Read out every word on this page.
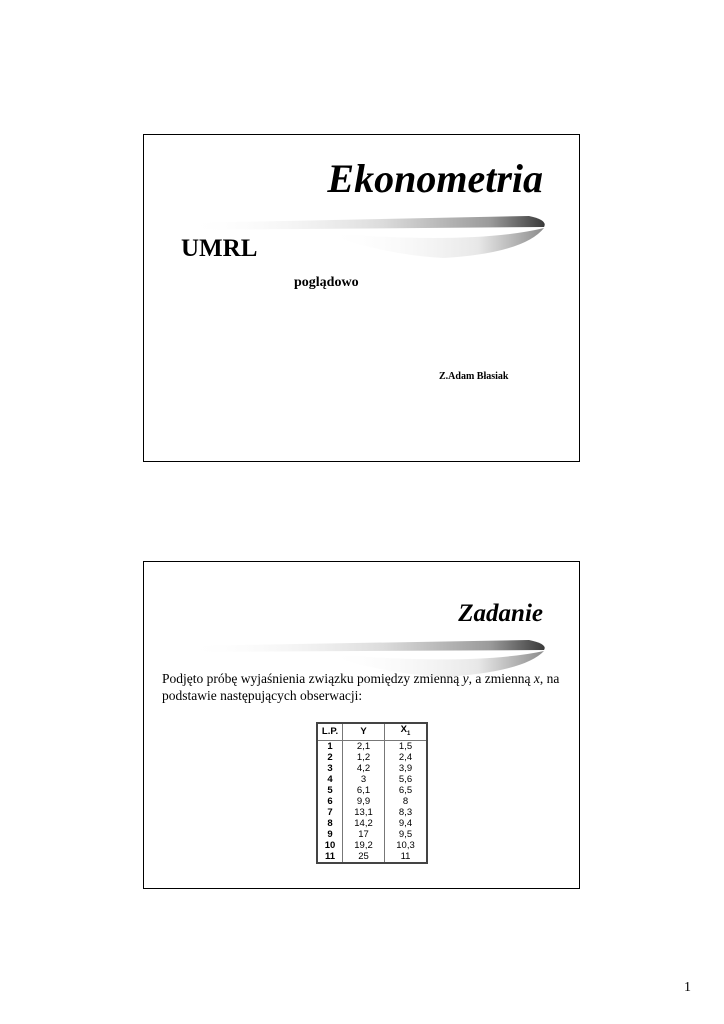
Ekonometria
UMRL
poglądowo
Z.Adam Błasiak
Zadanie
Podjęto próbę wyjaśnienia związku pomiędzy zmienną y, a zmienną x, na podstawie następujących obserwacji:
L.P.	Y	$X_1$
1	2,1	1,5
2	1,2	2,4
3	4,2	3,9
4	3	5,6
5	6,1	6,5
6	9,9	8
7	13,1	8,3
8	14,2	9,4
9	17	9,5
10	19,2	10,3
11	25	11
1
